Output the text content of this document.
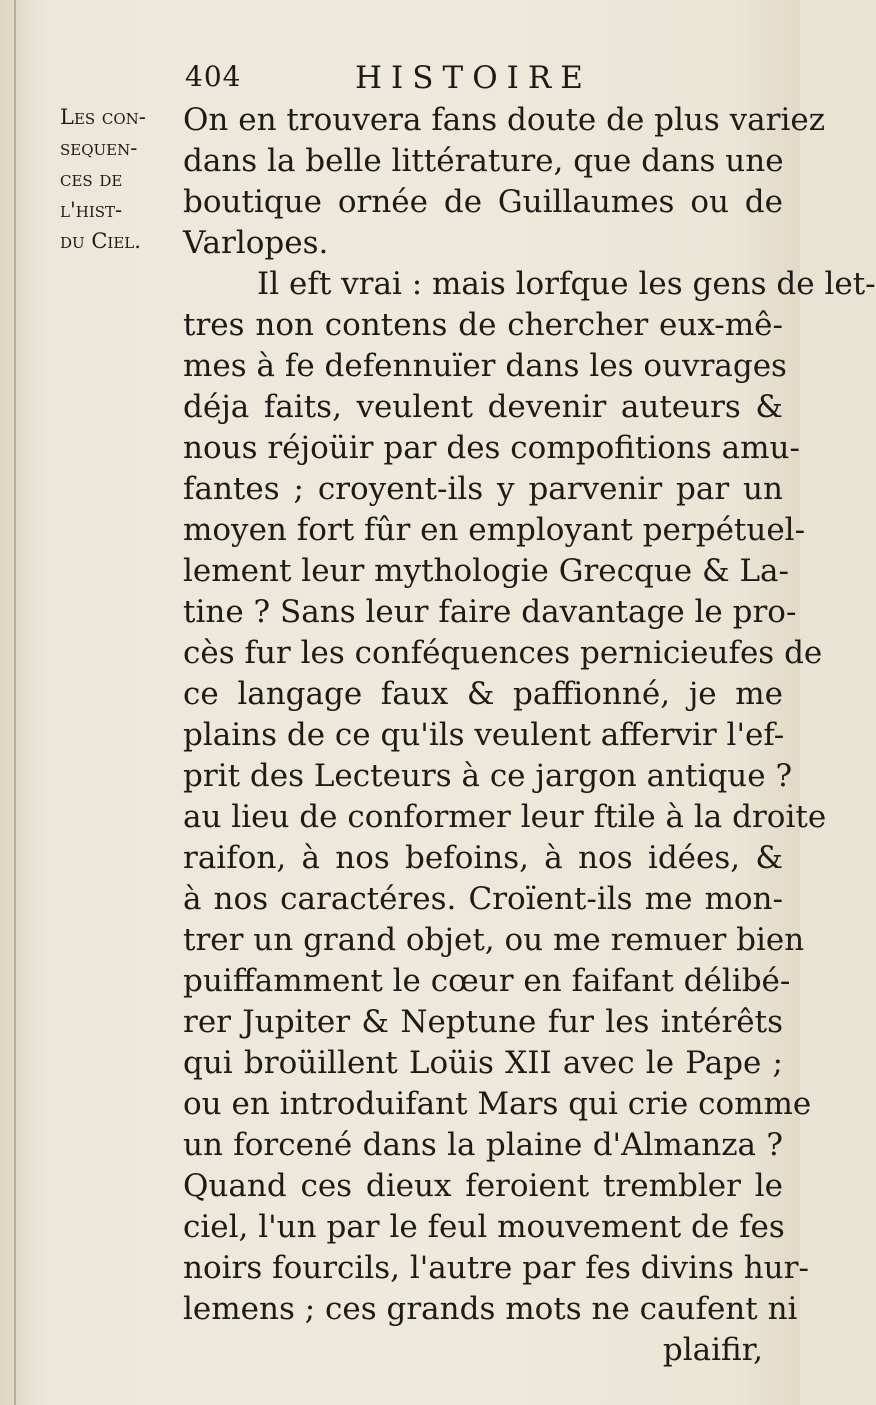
404	HISTOIRE
Les con-
sequen-
ces de
l'hist-
du Ciel.
On en trouvera fans doute de plus variez
dans la belle littérature, que dans une
boutique ornée de Guillaumes ou de
Varlopes.
Il eft vrai : mais lorfque les gens de let-
tres non contens de chercher eux-mê-
mes à fe defennuïer dans les ouvrages
déja faits, veulent devenir auteurs &
nous réjoüir par des compofitions amu-
fantes ; croyent-ils y parvenir par un
moyen fort fûr en employant perpétuel-
lement leur mythologie Grecque & La-
tine ? Sans leur faire davantage le pro-
cès fur les conféquences pernicieufes de
ce langage faux & paffionné, je me
plains de ce qu'ils veulent affervir l'ef-
prit des Lecteurs à ce jargon antique ?
au lieu de conformer leur ftile à la droite
raifon, à nos befoins, à nos idées, &
à nos caractéres. Croïent-ils me mon-
trer un grand objet, ou me remuer bien
puiffamment le cœur en faifant délibé-
rer Jupiter & Neptune fur les intérêts
qui broüillent Loüis XII avec le Pape ;
ou en introduifant Mars qui crie comme
un forcené dans la plaine d'Almanza ?
Quand ces dieux feroient trembler le
ciel, l'un par le feul mouvement de fes
noirs fourcils, l'autre par fes divins hur-
lemens ; ces grands mots ne caufent ni
plaifir,
